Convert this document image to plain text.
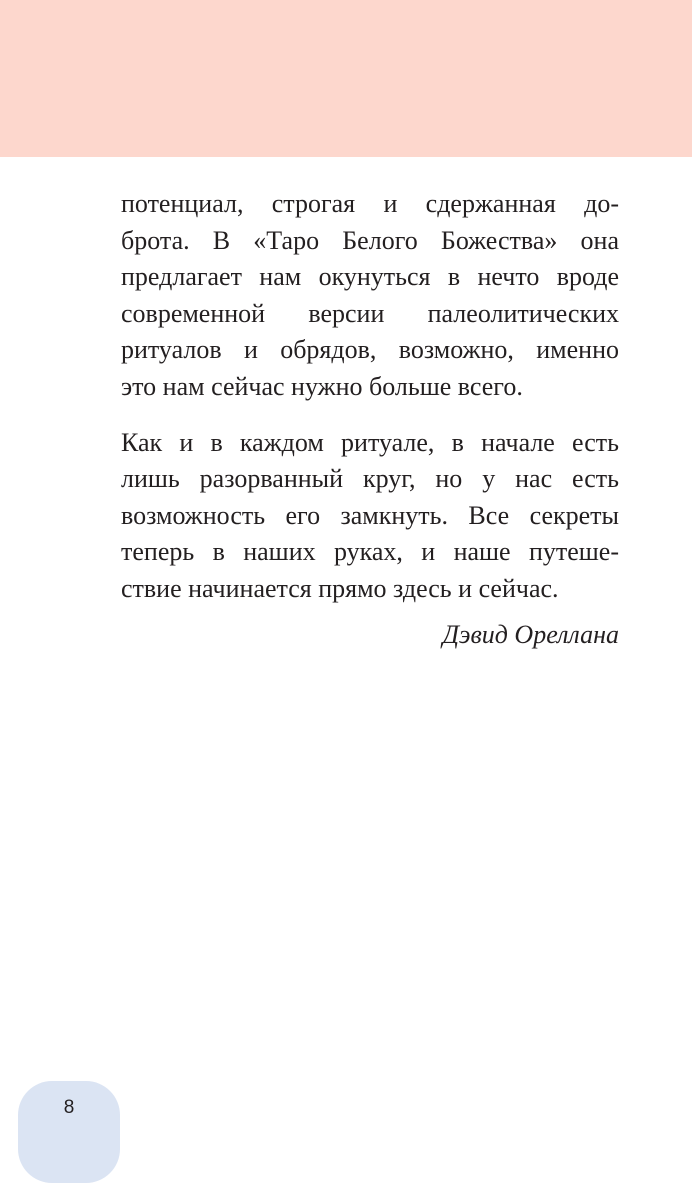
потенциал, строгая и сдержанная до-
брота. В «Таро Белого Божества» она
предлагает нам окунуться в нечто вроде
современной версии палеолитических
ритуалов и обрядов, возможно, именно
это нам сейчас нужно больше всего.

Как и в каждом ритуале, в начале есть
лишь разорванный круг, но у нас есть
возможность его замкнуть. Все секреты
теперь в наших руках, и наше путеше-
ствие начинается прямо здесь и сейчас.

Дэвид Ореллана
8
